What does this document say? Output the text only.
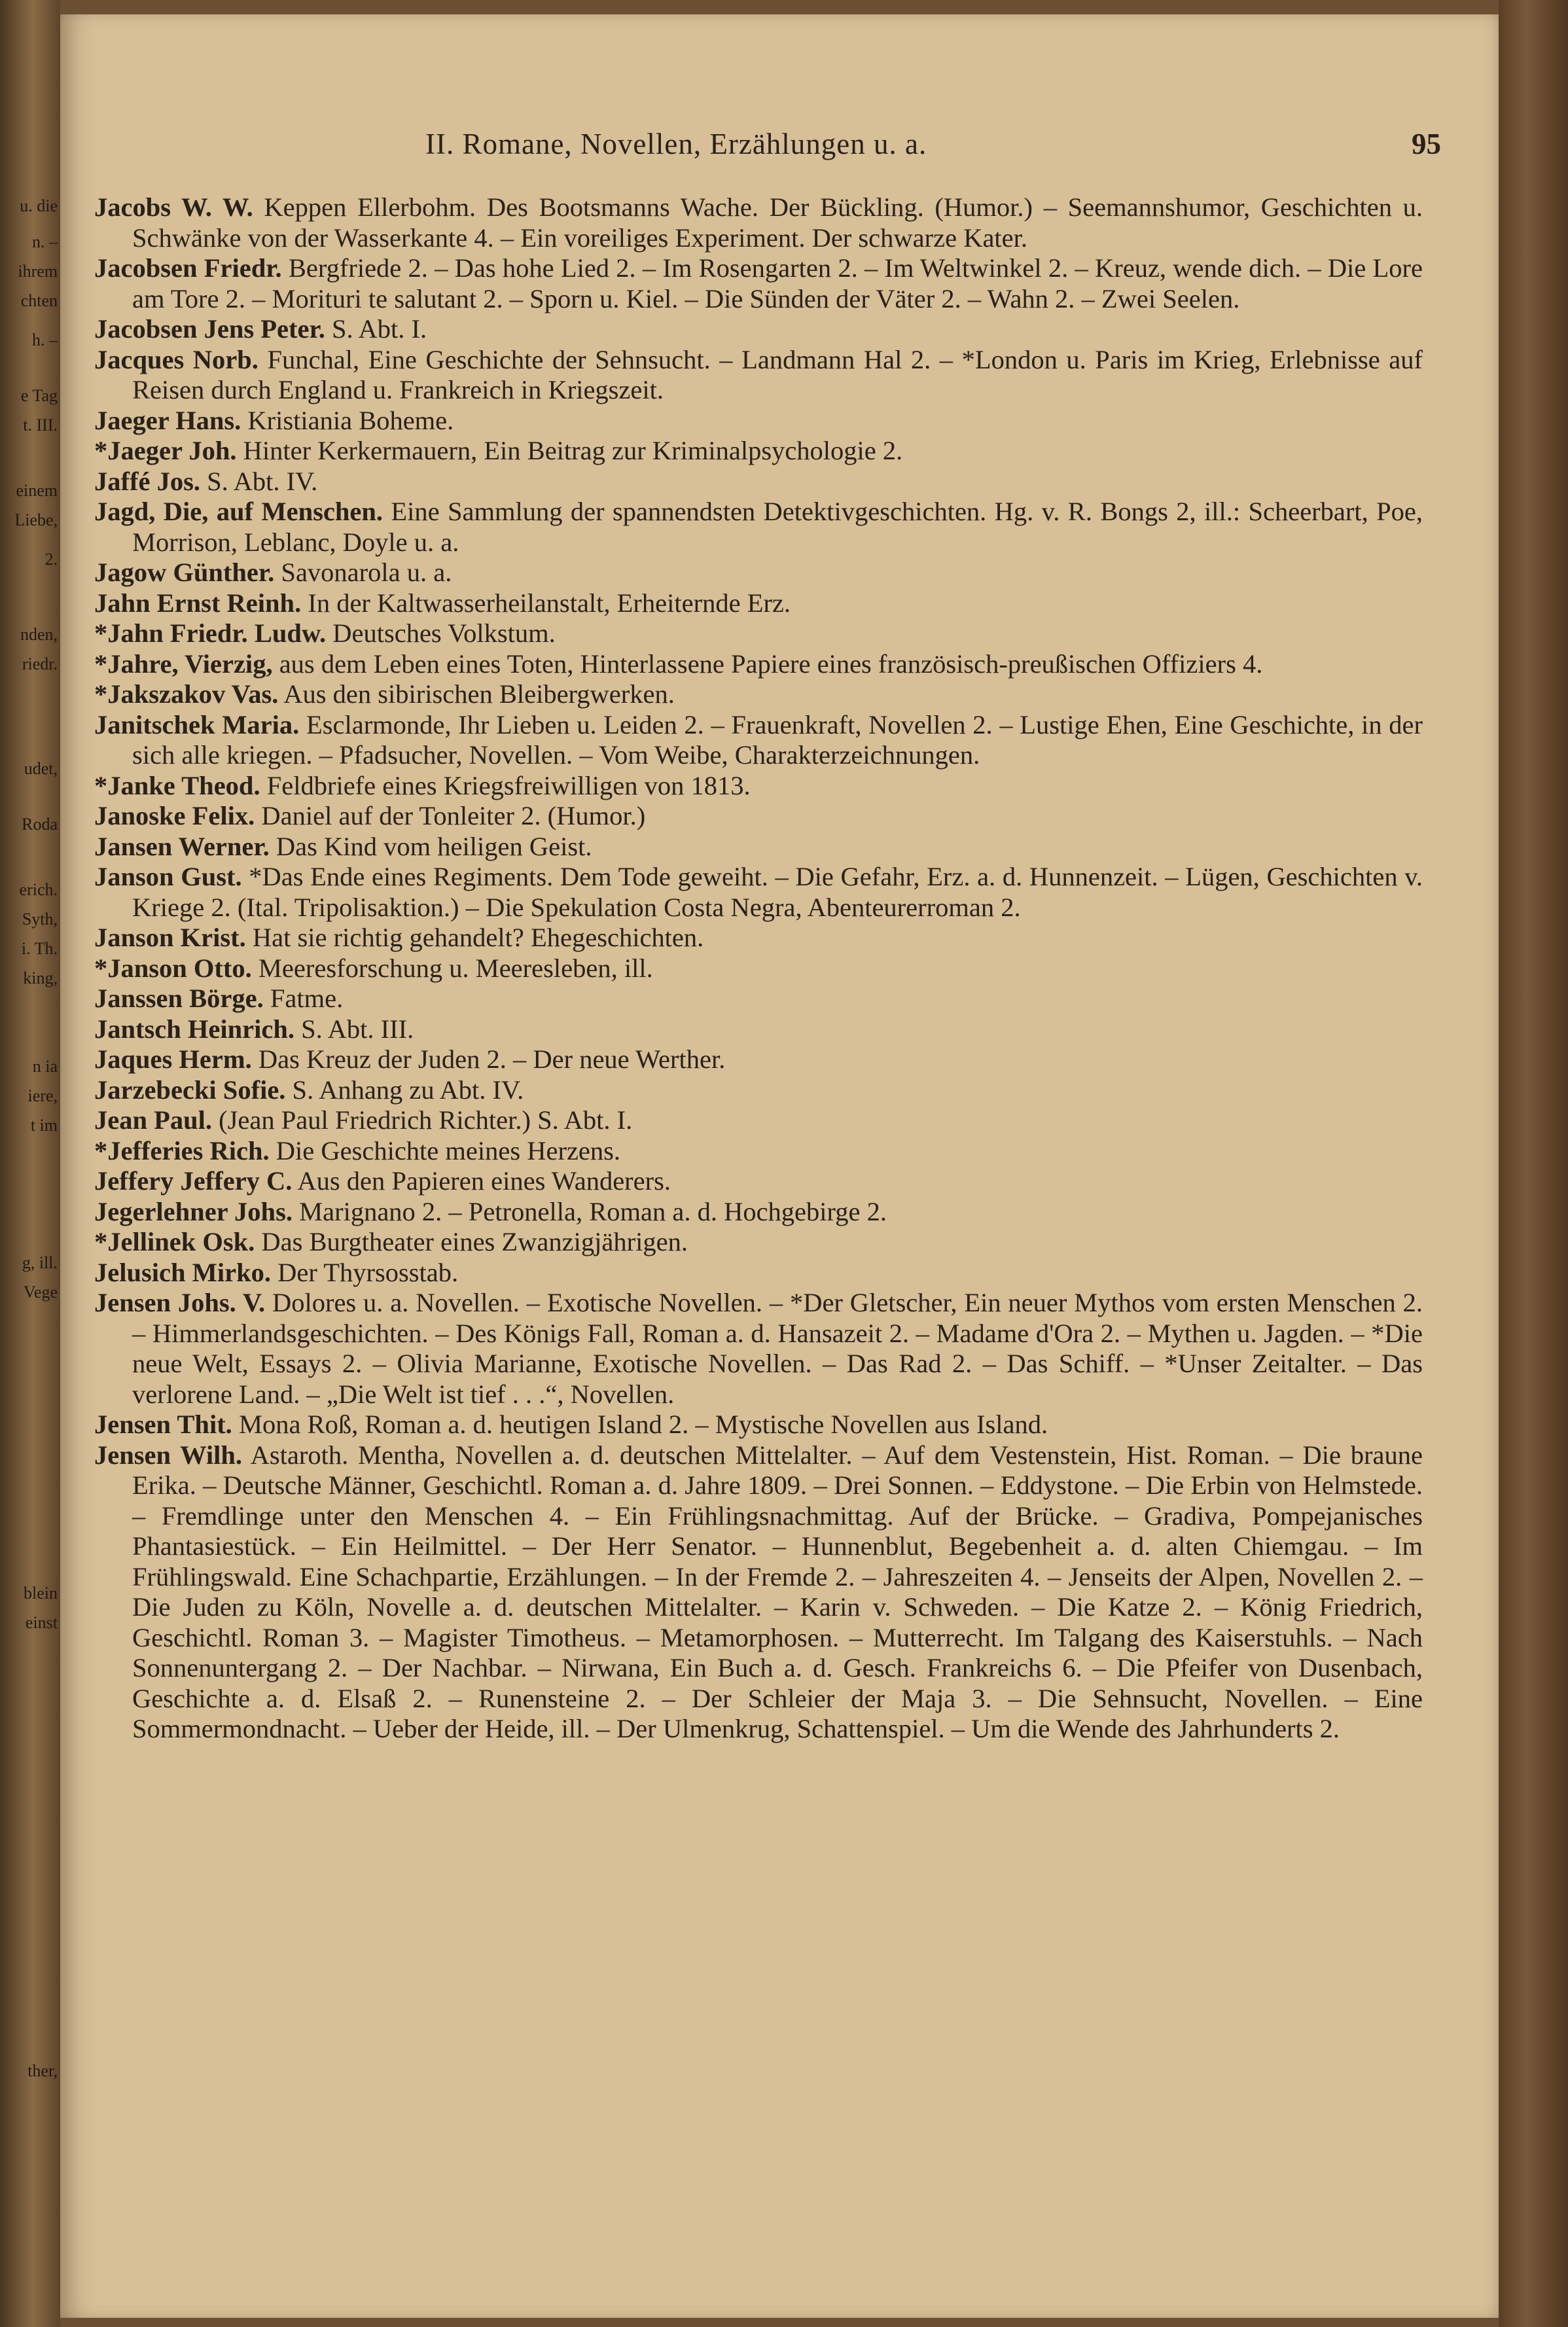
u. die
n. –
ihrem
chten
h. –
e Tag
t. III.
einem
Liebe,
2.
nden,
riedr.
udet,
Roda
erich.
Syth,
i. Th.
king,
n ia
iere,
t im
g, ill.
Vege
blein
einst
ther,
II. Romane, Novellen, Erzählungen u. a.	95

Jacobs W. W. Keppen Ellerbohm. Des Bootsmanns Wache. Der Bückling. (Humor.) – Seemannshumor, Geschichten u. Schwänke von der Wasserkante 4. – Ein voreiliges Experiment. Der schwarze Kater.

Jacobsen Friedr. Bergfriede 2. – Das hohe Lied 2. – Im Rosengarten 2. – Im Weltwinkel 2. – Kreuz, wende dich. – Die Lore am Tore 2. – Morituri te salutant 2. – Sporn u. Kiel. – Die Sünden der Väter 2. – Wahn 2. – Zwei Seelen.

Jacobsen Jens Peter. S. Abt. I.

Jacques Norb. Funchal, Eine Geschichte der Sehnsucht. – Landmann Hal 2. – *London u. Paris im Krieg, Erlebnisse auf Reisen durch England u. Frankreich in Kriegszeit.

Jaeger Hans. Kristiania Boheme.

*Jaeger Joh. Hinter Kerkermauern, Ein Beitrag zur Kriminalpsychologie 2.

Jaffé Jos. S. Abt. IV.

Jagd, Die, auf Menschen. Eine Sammlung der spannendsten Detektivgeschichten. Hg. v. R. Bongs 2, ill.: Scheerbart, Poe, Morrison, Leblanc, Doyle u. a.

Jagow Günther. Savonarola u. a.

Jahn Ernst Reinh. In der Kaltwasserheilanstalt, Erheiternde Erz.

*Jahn Friedr. Ludw. Deutsches Volkstum.

*Jahre, Vierzig, aus dem Leben eines Toten, Hinterlassene Papiere eines französisch-preußischen Offiziers 4.

*Jakszakov Vas. Aus den sibirischen Bleibergwerken.

Janitschek Maria. Esclarmonde, Ihr Lieben u. Leiden 2. – Frauenkraft, Novellen 2. – Lustige Ehen, Eine Geschichte, in der sich alle kriegen. – Pfadsucher, Novellen. – Vom Weibe, Charakterzeichnungen.

*Janke Theod. Feldbriefe eines Kriegsfreiwilligen von 1813.

Janoske Felix. Daniel auf der Tonleiter 2. (Humor.)

Jansen Werner. Das Kind vom heiligen Geist.

Janson Gust. *Das Ende eines Regiments. Dem Tode geweiht. – Die Gefahr, Erz. a. d. Hunnenzeit. – Lügen, Geschichten v. Kriege 2. (Ital. Tripolisaktion.) – Die Spekulation Costa Negra, Abenteurerroman 2.

Janson Krist. Hat sie richtig gehandelt? Ehegeschichten.

*Janson Otto. Meeresforschung u. Meeresleben, ill.

Janssen Börge. Fatme.

Jantsch Heinrich. S. Abt. III.

Jaques Herm. Das Kreuz der Juden 2. – Der neue Werther.

Jarzebecki Sofie. S. Anhang zu Abt. IV.

Jean Paul. (Jean Paul Friedrich Richter.) S. Abt. I.

*Jefferies Rich. Die Geschichte meines Herzens.

Jeffery Jeffery C. Aus den Papieren eines Wanderers.

Jegerlehner Johs. Marignano 2. – Petronella, Roman a. d. Hochgebirge 2.

*Jellinek Osk. Das Burgtheater eines Zwanzigjährigen.

Jelusich Mirko. Der Thyrsosstab.

Jensen Johs. V. Dolores u. a. Novellen. – Exotische Novellen. – *Der Gletscher, Ein neuer Mythos vom ersten Menschen 2. – Himmerlandsgeschichten. – Des Königs Fall, Roman a. d. Hansazeit 2. – Madame d'Ora 2. – Mythen u. Jagden. – *Die neue Welt, Essays 2. – Olivia Marianne, Exotische Novellen. – Das Rad 2. – Das Schiff. – *Unser Zeitalter. – Das verlorene Land. – „Die Welt ist tief . . .“, Novellen.

Jensen Thit. Mona Roß, Roman a. d. heutigen Island 2. – Mystische Novellen aus Island.

Jensen Wilh. Astaroth. Mentha, Novellen a. d. deutschen Mittelalter. – Auf dem Vestenstein, Hist. Roman. – Die braune Erika. – Deutsche Männer, Geschichtl. Roman a. d. Jahre 1809. – Drei Sonnen. – Eddystone. – Die Erbin von Helmstede. – Fremdlinge unter den Menschen 4. – Ein Frühlingsnachmittag. Auf der Brücke. – Gradiva, Pompejanisches Phantasiestück. – Ein Heilmittel. – Der Herr Senator. – Hunnenblut, Begebenheit a. d. alten Chiemgau. – Im Frühlingswald. Eine Schachpartie, Erzählungen. – In der Fremde 2. – Jahreszeiten 4. – Jenseits der Alpen, Novellen 2. – Die Juden zu Köln, Novelle a. d. deutschen Mittelalter. – Karin v. Schweden. – Die Katze 2. – König Friedrich, Geschichtl. Roman 3. – Magister Timotheus. – Metamorphosen. – Mutterrecht. Im Talgang des Kaiserstuhls. – Nach Sonnenuntergang 2. – Der Nachbar. – Nirwana, Ein Buch a. d. Gesch. Frankreichs 6. – Die Pfeifer von Dusenbach, Geschichte a. d. Elsaß 2. – Runensteine 2. – Der Schleier der Maja 3. – Die Sehnsucht, Novellen. – Eine Sommermondnacht. – Ueber der Heide, ill. – Der Ulmenkrug, Schattenspiel. – Um die Wende des Jahrhunderts 2.
